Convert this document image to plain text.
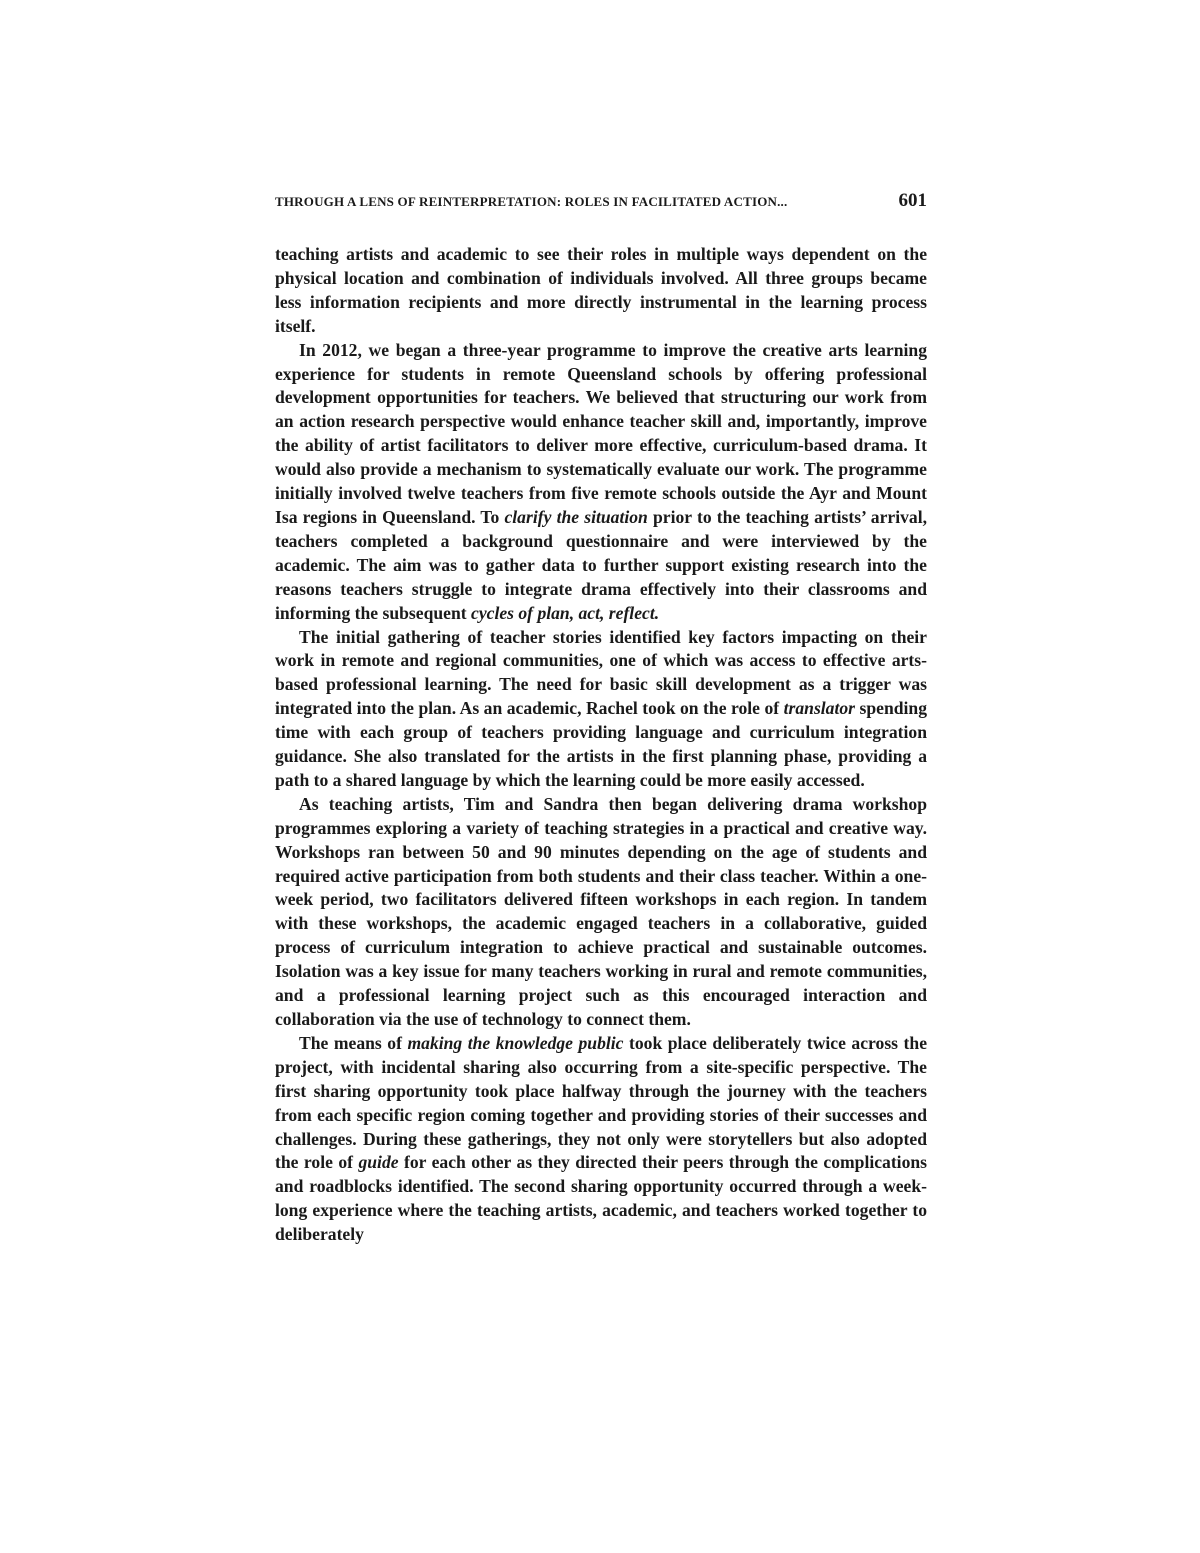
THROUGH A LENS OF REINTERPRETATION: ROLES IN FACILITATED ACTION...	601

teaching artists and academic to see their roles in multiple ways dependent on the physical location and combination of individuals involved. All three groups became less information recipients and more directly instrumental in the learning process itself.

In 2012, we began a three-year programme to improve the creative arts learning experience for students in remote Queensland schools by offering professional development opportunities for teachers. We believed that structuring our work from an action research perspective would enhance teacher skill and, importantly, improve the ability of artist facilitators to deliver more effective, curriculum-based drama. It would also provide a mechanism to systematically evaluate our work. The programme initially involved twelve teachers from five remote schools outside the Ayr and Mount Isa regions in Queensland. To clarify the situation prior to the teaching artists’ arrival, teachers completed a background questionnaire and were interviewed by the academic. The aim was to gather data to further support existing research into the reasons teachers struggle to integrate drama effectively into their classrooms and informing the subsequent cycles of plan, act, reflect.

The initial gathering of teacher stories identified key factors impacting on their work in remote and regional communities, one of which was access to effective arts-based professional learning. The need for basic skill development as a trigger was integrated into the plan. As an academic, Rachel took on the role of translator spending time with each group of teachers providing language and curriculum integration guidance. She also translated for the artists in the first planning phase, providing a path to a shared language by which the learning could be more easily accessed.

As teaching artists, Tim and Sandra then began delivering drama workshop programmes exploring a variety of teaching strategies in a practical and creative way. Workshops ran between 50 and 90 minutes depending on the age of students and required active participation from both students and their class teacher. Within a one-week period, two facilitators delivered fifteen workshops in each region. In tandem with these workshops, the academic engaged teachers in a collaborative, guided process of curriculum integration to achieve practical and sustainable outcomes. Isolation was a key issue for many teachers working in rural and remote communities, and a professional learning project such as this encouraged interaction and collaboration via the use of technology to connect them.

The means of making the knowledge public took place deliberately twice across the project, with incidental sharing also occurring from a site-specific perspective. The first sharing opportunity took place halfway through the journey with the teachers from each specific region coming together and providing stories of their successes and challenges. During these gatherings, they not only were storytellers but also adopted the role of guide for each other as they directed their peers through the complications and roadblocks identified. The second sharing opportunity occurred through a week-long experience where the teaching artists, academic, and teachers worked together to deliberately
